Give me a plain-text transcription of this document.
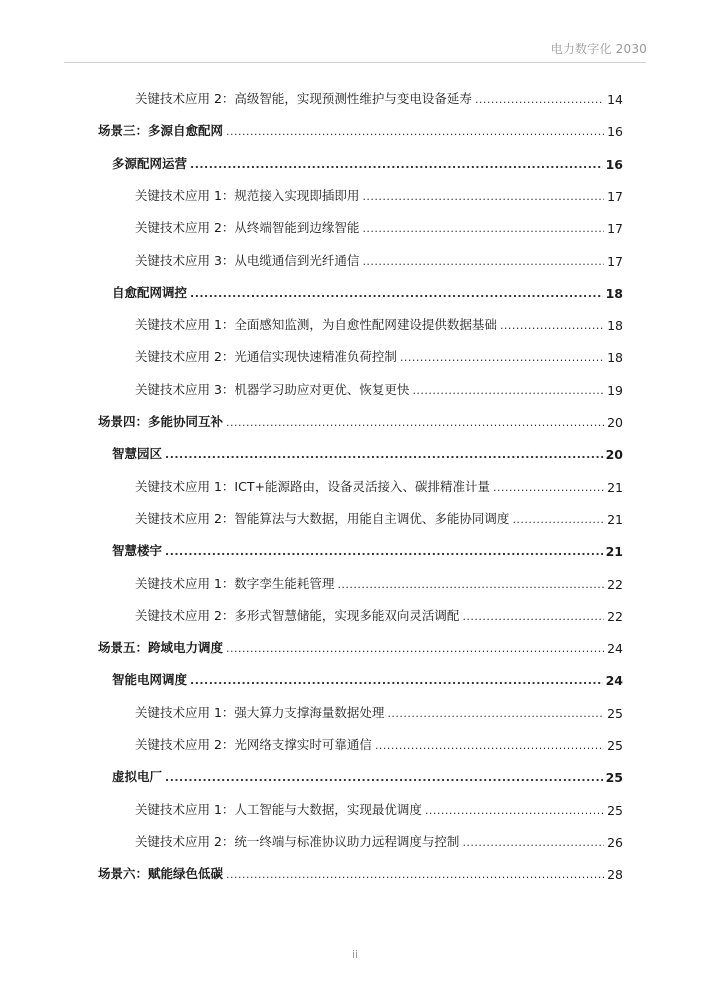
电力数字化 2030
关键技术应用 2：高级智能，实现预测性维护与变电设备延寿 .....	14
场景三：多源自愈配网 .....	16
多源配网运营 .....	16
关键技术应用 1：规范接入实现即插即用 .....	17
关键技术应用 2：从终端智能到边缘智能 .....	17
关键技术应用 3：从电缆通信到光纤通信 .....	17
自愈配网调控 .....	18
关键技术应用 1：全面感知监测，为自愈性配网建设提供数据基础 .....	18
关键技术应用 2：光通信实现快速精准负荷控制 .....	18
关键技术应用 3：机器学习助应对更优、恢复更快 .....	19
场景四：多能协同互补 .....	20
智慧园区 .....	20
关键技术应用 1：ICT+能源路由，设备灵活接入、碳排精准计量 .....	21
关键技术应用 2：智能算法与大数据，用能自主调优、多能协同调度 .....	21
智慧楼宇 .....	21
关键技术应用 1：数字孪生能耗管理 .....	22
关键技术应用 2：多形式智慧储能，实现多能双向灵活调配 .....	22
场景五：跨域电力调度 .....	24
智能电网调度 .....	24
关键技术应用 1：强大算力支撑海量数据处理 .....	25
关键技术应用 2：光网络支撑实时可靠通信 .....	25
虚拟电厂 .....	25
关键技术应用 1：人工智能与大数据，实现最优调度 .....	25
关键技术应用 2：统一终端与标准协议助力远程调度与控制 .....	26
场景六：赋能绿色低碳 .....	28
ii
